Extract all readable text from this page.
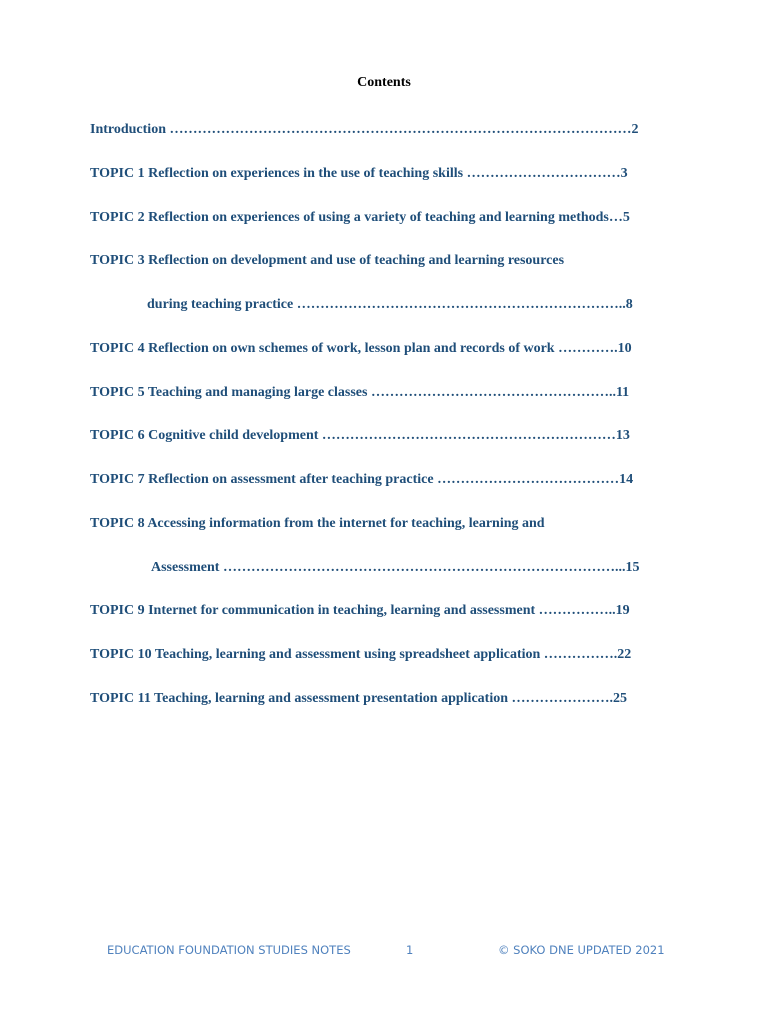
Contents
Introduction ………………………………………………………………………………………2
TOPIC 1 Reflection on experiences in the use of teaching skills ……………………………3
TOPIC 2 Reflection on experiences of using a variety of teaching and learning methods…5
TOPIC 3 Reflection on development and use of teaching and learning resources
during teaching practice ……………………………………………………………..8
TOPIC 4 Reflection on own schemes of work, lesson plan and records of work ………….10
TOPIC 5 Teaching and managing large classes ……………………………………………..11
TOPIC 6 Cognitive child development ………………………………………………………13
TOPIC 7 Reflection on assessment after teaching practice …………………………………14
TOPIC 8 Accessing information from the internet for teaching, learning and
Assessment …………………………………………………………………………...15
TOPIC 9 Internet for communication in teaching, learning and assessment ……………..19
TOPIC 10 Teaching, learning and assessment using spreadsheet application …………….22
TOPIC 11 Teaching, learning and assessment presentation application ………………….25
EDUCATION FOUNDATION STUDIES NOTES	1	© SOKO DNE UPDATED 2021
